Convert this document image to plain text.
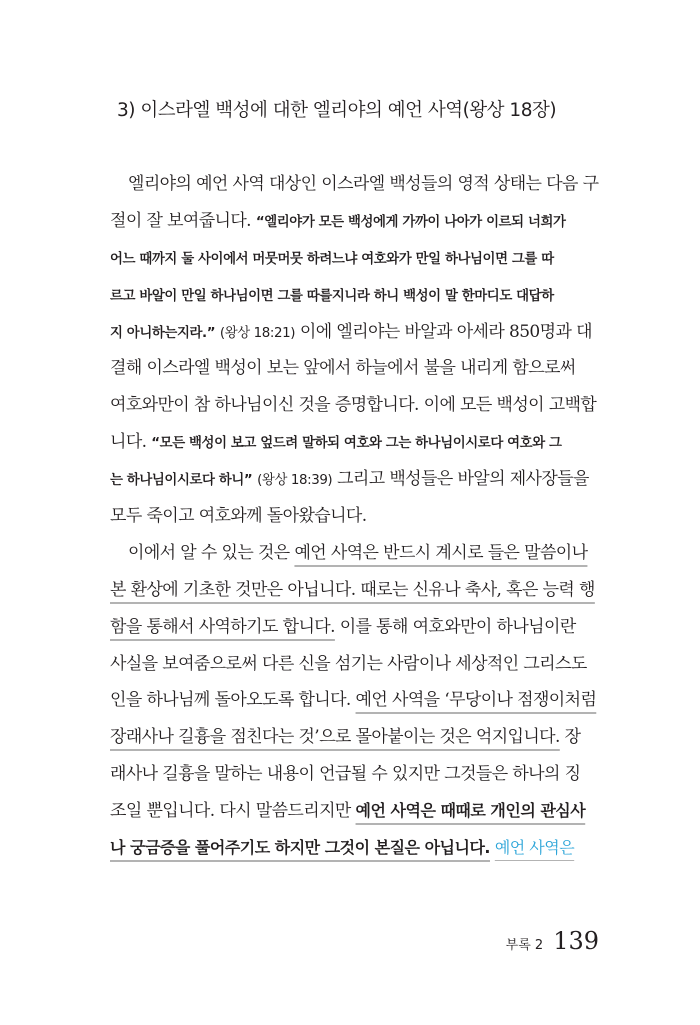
3) 이스라엘 백성에 대한 엘리야의 예언 사역(왕상 18장)
엘리야의 예언 사역 대상인 이스라엘 백성들의 영적 상태는 다음 구
절이 잘 보여줍니다. “엘리야가 모든 백성에게 가까이 나아가 이르되 너희가
어느 때까지 둘 사이에서 머뭇머뭇 하려느냐 여호와가 만일 하나님이면 그를 따
르고 바알이 만일 하나님이면 그를 따를지니라 하니 백성이 말 한마디도 대답하
지 아니하는지라.” (왕상 18:21) 이에 엘리야는 바알과 아세라 850명과 대
결해 이스라엘 백성이 보는 앞에서 하늘에서 불을 내리게 함으로써
여호와만이 참 하나님이신 것을 증명합니다. 이에 모든 백성이 고백합
니다. “모든 백성이 보고 엎드려 말하되 여호와 그는 하나님이시로다 여호와 그
는 하나님이시로다 하니” (왕상 18:39) 그리고 백성들은 바알의 제사장들을
모두 죽이고 여호와께 돌아왔습니다.
이에서 알 수 있는 것은 예언 사역은 반드시 계시로 들은 말씀이나
본 환상에 기초한 것만은 아닙니다. 때로는 신유나 축사, 혹은 능력 행
함을 통해서 사역하기도 합니다. 이를 통해 여호와만이 하나님이란
사실을 보여줌으로써 다른 신을 섬기는 사람이나 세상적인 그리스도
인을 하나님께 돌아오도록 합니다. 예언 사역을 ‘무당이나 점쟁이처럼
장래사나 길흉을 점친다는 것’으로 몰아붙이는 것은 억지입니다. 장
래사나 길흉을 말하는 내용이 언급될 수 있지만 그것들은 하나의 징
조일 뿐입니다. 다시 말씀드리지만 예언 사역은 때때로 개인의 관심사
나 궁금증을 풀어주기도 하지만 그것이 본질은 아닙니다. 예언 사역은
부록 2 139
